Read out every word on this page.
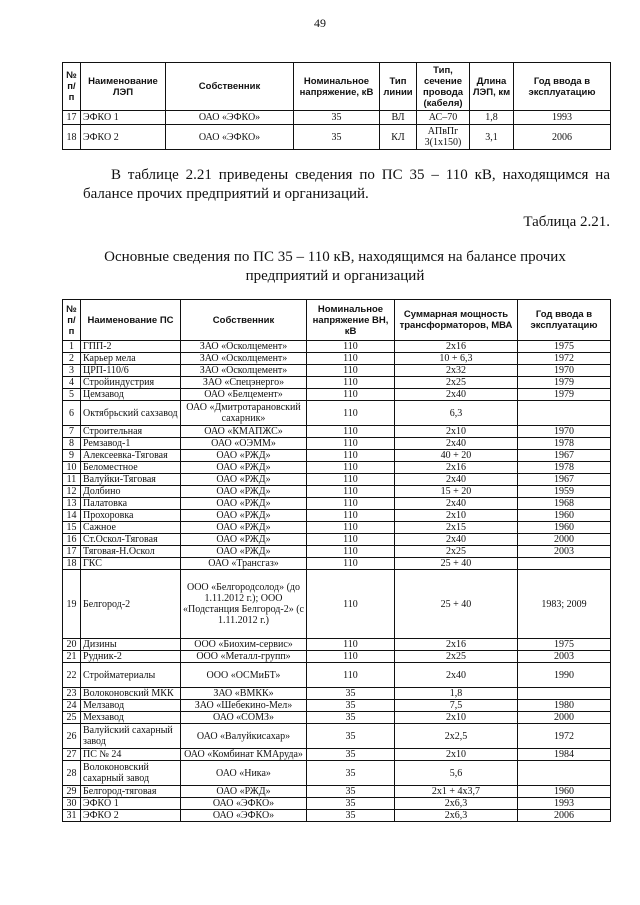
49
№ п/п	Наименование ЛЭП	Собственник	Номинальное напряжение, кВ	Тип линии	Тип, сечение провода (кабеля)	Длина ЛЭП, км	Год ввода в эксплуатацию
17	ЭФКО 1	ОАО «ЭФКО»	35	ВЛ	АС–70	1,8	1993
18	ЭФКО 2	ОАО «ЭФКО»	35	КЛ	АПвПг 3(1х150)	3,1	2006
В таблице 2.21 приведены сведения по ПС 35 – 110 кВ, находящимся на балансе прочих предприятий и организаций.
Таблица 2.21.
Основные сведения по ПС 35 – 110 кВ, находящимся на балансе прочих предприятий и организаций
№ п/п	Наименование ПС	Собственник	Номинальное напряжение ВН, кВ	Суммарная мощность трансформаторов, МВА	Год ввода в эксплуатацию
1	ГПП-2	ЗАО «Осколцемент»	110	2х16	1975
2	Карьер мела	ЗАО «Осколцемент»	110	10 + 6,3	1972
3	ЦРП-110/6	ЗАО «Осколцемент»	110	2х32	1970
4	Стройиндустрия	ЗАО «Спецэнерго»	110	2х25	1979
5	Цемзавод	ОАО «Белцемент»	110	2х40	1979
6	Октябрьский сахзавод	ОАО «Дмитротарановский сахарник»	110	6,3	
7	Строительная	ОАО «КМАПЖС»	110	2х10	1970
8	Ремзавод-1	ОАО «ОЭММ»	110	2х40	1978
9	Алексеевка-Тяговая	ОАО «РЖД»	110	40 + 20	1967
10	Беломестное	ОАО «РЖД»	110	2х16	1978
11	Валуйки-Тяговая	ОАО «РЖД»	110	2х40	1967
12	Долбино	ОАО «РЖД»	110	15 + 20	1959
13	Палатовка	ОАО «РЖД»	110	2х40	1968
14	Прохоровка	ОАО «РЖД»	110	2х10	1960
15	Сажное	ОАО «РЖД»	110	2х15	1960
16	Ст.Оскол-Тяговая	ОАО «РЖД»	110	2х40	2000
17	Тяговая-Н.Оскол	ОАО «РЖД»	110	2х25	2003
18	ГКС	ОАО «Трансгаз»	110	25 + 40	
19	Белгород-2	ООО «Белгородсолод» (до 1.11.2012 г.); ООО «Подстанция Белгород-2» (с 1.11.2012 г.)	110	25 + 40	1983; 2009
20	Дизины	ООО «Биохим-сервис»	110	2х16	1975
21	Рудник-2	ООО «Металл-групп»	110	2х25	2003
22	Стройматериалы	ООО «ОСМиБТ»	110	2х40	1990
23	Волоконовский МКК	ЗАО «ВМКК»	35	1,8	
24	Мелзавод	ЗАО «Шебекино-Мел»	35	7,5	1980
25	Мехзавод	ОАО «СОМЗ»	35	2х10	2000
26	Валуйский сахарный завод	ОАО «Валуйкисахар»	35	2х2,5	1972
27	ПС № 24	ОАО «Комбинат КМАруда»	35	2х10	1984
28	Волоконовский сахарный завод	ОАО «Ника»	35	5,6	
29	Белгород-тяговая	ОАО «РЖД»	35	2х1 + 4х3,7	1960
30	ЭФКО 1	ОАО «ЭФКО»	35	2х6,3	1993
31	ЭФКО 2	ОАО «ЭФКО»	35	2х6,3	2006
